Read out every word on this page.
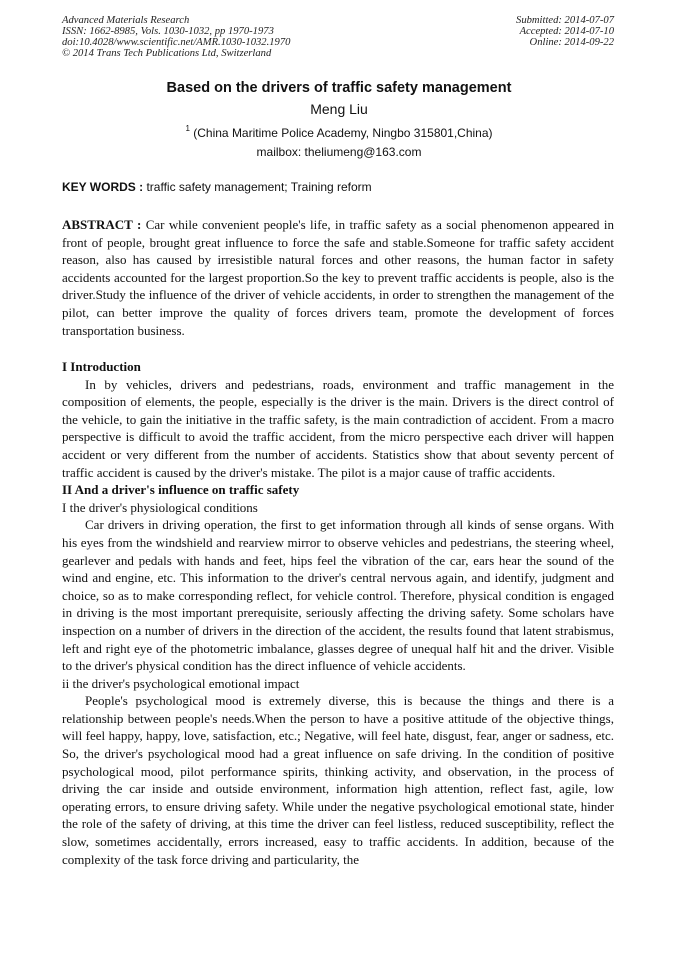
Advanced Materials Research
ISSN: 1662-8985, Vols. 1030-1032, pp 1970-1973
doi:10.4028/www.scientific.net/AMR.1030-1032.1970
© 2014 Trans Tech Publications Ltd, Switzerland
Submitted: 2014-07-07
Accepted: 2014-07-10
Online: 2014-09-22
Based on the drivers of traffic safety management
Meng Liu
$^1$ (China Maritime Police Academy, Ningbo 315801,China)
mailbox: theliumeng@163.com
KEY WORDS : traffic safety management; Training reform

ABSTRACT : Car while convenient people's life, in traffic safety as a social phenomenon appeared in front of people, brought great influence to force the safe and stable.Someone for traffic safety accident reason, also has caused by irresistible natural forces and other reasons, the human factor in safety accidents accounted for the largest proportion.So the key to prevent traffic accidents is people, also is the driver.Study the influence of the driver of vehicle accidents, in order to strengthen the management of the pilot, can better improve the quality of forces drivers team, promote the development of forces transportation business.

I Introduction

In by vehicles, drivers and pedestrians, roads, environment and traffic management in the composition of elements, the people, especially is the driver is the main. Drivers is the direct control of the vehicle, to gain the initiative in the traffic safety, is the main contradiction of accident. From a macro perspective is difficult to avoid the traffic accident, from the micro perspective each driver will happen accident or very different from the number of accidents. Statistics show that about seventy percent of traffic accident is caused by the driver's mistake. The pilot is a major cause of traffic accidents.

II And a driver's influence on traffic safety

I the driver's physiological conditions

Car drivers in driving operation, the first to get information through all kinds of sense organs. With his eyes from the windshield and rearview mirror to observe vehicles and pedestrians, the steering wheel, gearlever and pedals with hands and feet, hips feel the vibration of the car, ears hear the sound of the wind and engine, etc. This information to the driver's central nervous again, and identify, judgment and choice, so as to make corresponding reflect, for vehicle control. Therefore, physical condition is engaged in driving is the most important prerequisite, seriously affecting the driving safety. Some scholars have inspection on a number of drivers in the direction of the accident, the results found that latent strabismus, left and right eye of the photometric imbalance, glasses degree of unequal half hit and the driver. Visible to the driver's physical condition has the direct influence of vehicle accidents.

ii the driver's psychological emotional impact

People's psychological mood is extremely diverse, this is because the things and there is a relationship between people's needs.When the person to have a positive attitude of the objective things, will feel happy, happy, love, satisfaction, etc.; Negative, will feel hate, disgust, fear, anger or sadness, etc. So, the driver's psychological mood had a great influence on safe driving. In the condition of positive psychological mood, pilot performance spirits, thinking activity, and observation, in the process of driving the car inside and outside environment, information high attention, reflect fast, agile, low operating errors, to ensure driving safety. While under the negative psychological emotional state, hinder the role of the safety of driving, at this time the driver can feel listless, reduced susceptibility, reflect the slow, sometimes accidentally, errors increased, easy to traffic accidents. In addition, because of the complexity of the task force driving and particularity, the
